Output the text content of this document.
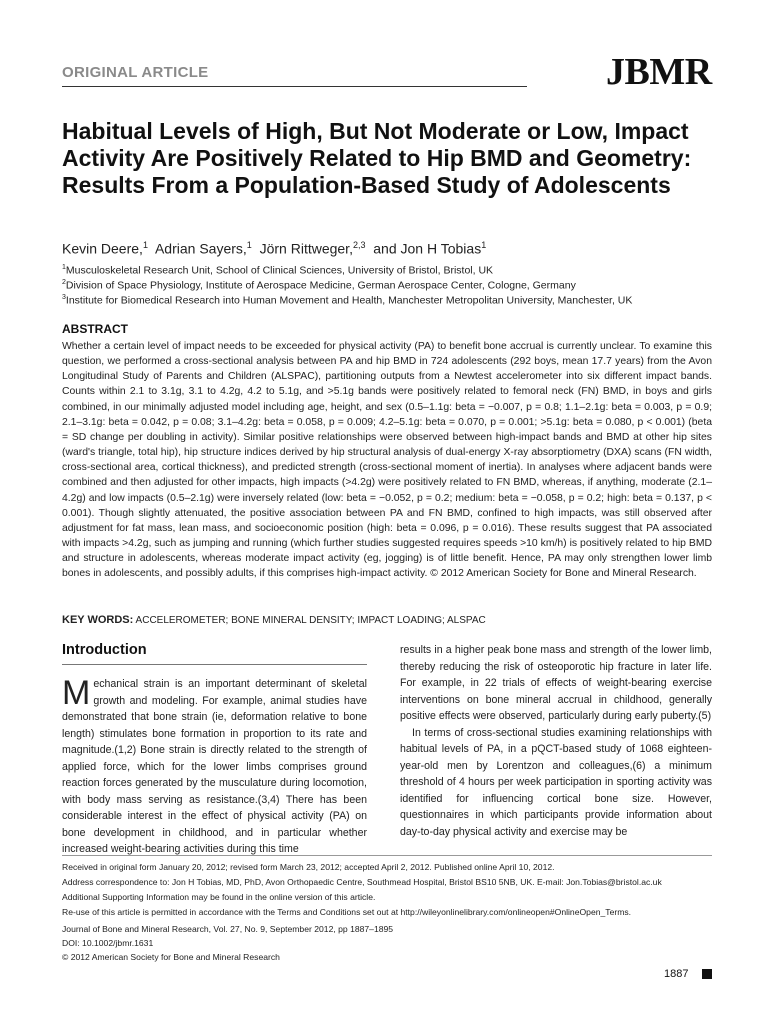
ORIGINAL ARTICLE	JBMR
Habitual Levels of High, But Not Moderate or Low, Impact Activity Are Positively Related to Hip BMD and Geometry: Results From a Population-Based Study of Adolescents
Kevin Deere,$^1$ Adrian Sayers,$^1$ Jörn Rittweger,$^{2,3}$ and Jon H Tobias$^1$
$^1$Musculoskeletal Research Unit, School of Clinical Sciences, University of Bristol, Bristol, UK
$^2$Division of Space Physiology, Institute of Aerospace Medicine, German Aerospace Center, Cologne, Germany
$^3$Institute for Biomedical Research into Human Movement and Health, Manchester Metropolitan University, Manchester, UK
ABSTRACT
Whether a certain level of impact needs to be exceeded for physical activity (PA) to benefit bone accrual is currently unclear. To examine this question, we performed a cross-sectional analysis between PA and hip BMD in 724 adolescents (292 boys, mean 17.7 years) from the Avon Longitudinal Study of Parents and Children (ALSPAC), partitioning outputs from a Newtest accelerometer into six different impact bands. Counts within 2.1 to 3.1g, 3.1 to 4.2g, 4.2 to 5.1g, and >5.1g bands were positively related to femoral neck (FN) BMD, in boys and girls combined, in our minimally adjusted model including age, height, and sex (0.5–1.1g: beta = −0.007, p = 0.8; 1.1–2.1g: beta = 0.003, p = 0.9; 2.1–3.1g: beta = 0.042, p = 0.08; 3.1–4.2g: beta = 0.058, p = 0.009; 4.2–5.1g: beta = 0.070, p = 0.001; >5.1g: beta = 0.080, p < 0.001) (beta = SD change per doubling in activity). Similar positive relationships were observed between high-impact bands and BMD at other hip sites (ward's triangle, total hip), hip structure indices derived by hip structural analysis of dual-energy X-ray absorptiometry (DXA) scans (FN width, cross-sectional area, cortical thickness), and predicted strength (cross-sectional moment of inertia). In analyses where adjacent bands were combined and then adjusted for other impacts, high impacts (>4.2g) were positively related to FN BMD, whereas, if anything, moderate (2.1–4.2g) and low impacts (0.5–2.1g) were inversely related (low: beta = −0.052, p = 0.2; medium: beta = −0.058, p = 0.2; high: beta = 0.137, p < 0.001). Though slightly attenuated, the positive association between PA and FN BMD, confined to high impacts, was still observed after adjustment for fat mass, lean mass, and socioeconomic position (high: beta = 0.096, p = 0.016). These results suggest that PA associated with impacts >4.2g, such as jumping and running (which further studies suggested requires speeds >10 km/h) is positively related to hip BMD and structure in adolescents, whereas moderate impact activity (eg, jogging) is of little benefit. Hence, PA may only strengthen lower limb bones in adolescents, and possibly adults, if this comprises high-impact activity. © 2012 American Society for Bone and Mineral Research.
KEY WORDS: ACCELEROMETER; BONE MINERAL DENSITY; IMPACT LOADING; ALSPAC
Introduction

Mechanical strain is an important determinant of skeletal growth and modeling. For example, animal studies have demonstrated that bone strain (ie, deformation relative to bone length) stimulates bone formation in proportion to its rate and magnitude.(1,2) Bone strain is directly related to the strength of applied force, which for the lower limbs comprises ground reaction forces generated by the musculature during locomotion, with body mass serving as resistance.(3,4) There has been considerable interest in the effect of physical activity (PA) on bone development in childhood, and in particular whether increased weight-bearing activities during this time

results in a higher peak bone mass and strength of the lower limb, thereby reducing the risk of osteoporotic hip fracture in later life. For example, in 22 trials of effects of weight-bearing exercise interventions on bone mineral accrual in childhood, generally positive effects were observed, particularly during early puberty.(5)

In terms of cross-sectional studies examining relationships with habitual levels of PA, in a pQCT-based study of 1068 eighteen-year-old men by Lorentzon and colleagues,(6) a minimum threshold of 4 hours per week participation in sporting activity was identified for influencing cortical bone size. However, questionnaires in which participants provide information about day-to-day physical activity and exercise may be

Received in original form January 20, 2012; revised form March 23, 2012; accepted April 2, 2012. Published online April 10, 2012.
Address correspondence to: Jon H Tobias, MD, PhD, Avon Orthopaedic Centre, Southmead Hospital, Bristol BS10 5NB, UK. E-mail: Jon.Tobias@bristol.ac.uk
Additional Supporting Information may be found in the online version of this article.
Re-use of this article is permitted in accordance with the Terms and Conditions set out at http://wileyonlinelibrary.com/onlineopen#OnlineOpen_Terms.
Journal of Bone and Mineral Research, Vol. 27, No. 9, September 2012, pp 1887–1895
DOI: 10.1002/jbmr.1631
© 2012 American Society for Bone and Mineral Research
1887
